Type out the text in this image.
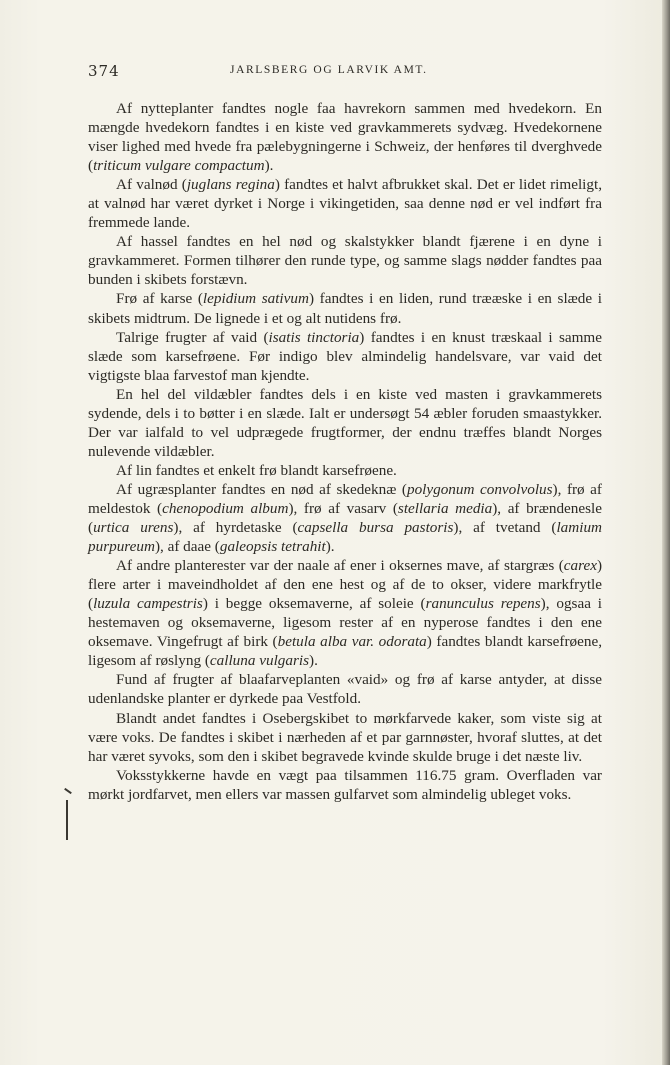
374	JARLSBERG OG LARVIK AMT.

Af nytteplanter fandtes nogle faa havrekorn sammen med hvedekorn. En mængde hvedekorn fandtes i en kiste ved gravkammerets sydvæg. Hvedekornene viser lighed med hvede fra pælebygningerne i Schweiz, der henføres til dverghvede (triticum vulgare compactum).

Af valnød (juglans regina) fandtes et halvt afbrukket skal. Det er lidet rimeligt, at valnød har været dyrket i Norge i vikingetiden, saa denne nød er vel indført fra fremmede lande.

Af hassel fandtes en hel nød og skalstykker blandt fjærene i en dyne i gravkammeret. Formen tilhører den runde type, og samme slags nødder fandtes paa bunden i skibets forstævn.

Frø af karse (lepidium sativum) fandtes i en liden, rund trææske i en slæde i skibets midtrum. De lignede i et og alt nutidens frø.

Talrige frugter af vaid (isatis tinctoria) fandtes i en knust træskaal i samme slæde som karsefrøene. Før indigo blev almindelig handelsvare, var vaid det vigtigste blaa farvestof man kjendte.

En hel del vildæbler fandtes dels i en kiste ved masten i gravkammerets sydende, dels i to bøtter i en slæde. Ialt er undersøgt 54 æbler foruden smaastykker. Der var ialfald to vel udprægede frugtformer, der endnu træffes blandt Norges nulevende vildæbler.

Af lin fandtes et enkelt frø blandt karsefrøene.

Af ugræsplanter fandtes en nød af skedeknæ (polygonum convolvolus), frø af meldestok (chenopodium album), frø af vasarv (stellaria media), af brændenesle (urtica urens), af hyrdetaske (capsella bursa pastoris), af tvetand (lamium purpureum), af daae (galeopsis tetrahit).

Af andre planterester var der naale af ener i oksernes mave, af stargræs (carex) flere arter i maveindholdet af den ene hest og af de to okser, videre markfrytle (luzula campestris) i begge oksemaverne, af soleie (ranunculus repens), ogsaa i hestemaven og oksemaverne, ligesom rester af en nyperose fandtes i den ene oksemave. Vingefrugt af birk (betula alba var. odorata) fandtes blandt karsefrøene, ligesom af røslyng (calluna vulgaris).

Fund af frugter af blaafarveplanten «vaid» og frø af karse antyder, at disse udenlandske planter er dyrkede paa Vestfold.

Blandt andet fandtes i Osebergskibet to mørkfarvede kaker, som viste sig at være voks. De fandtes i skibet i nærheden af et par garnnøster, hvoraf sluttes, at det har været syvoks, som den i skibet begravede kvinde skulde bruge i det næste liv.

Voksstykkerne havde en vægt paa tilsammen 116.75 gram. Overfladen var mørkt jordfarvet, men ellers var massen gulfarvet som almindelig ubleget voks.
